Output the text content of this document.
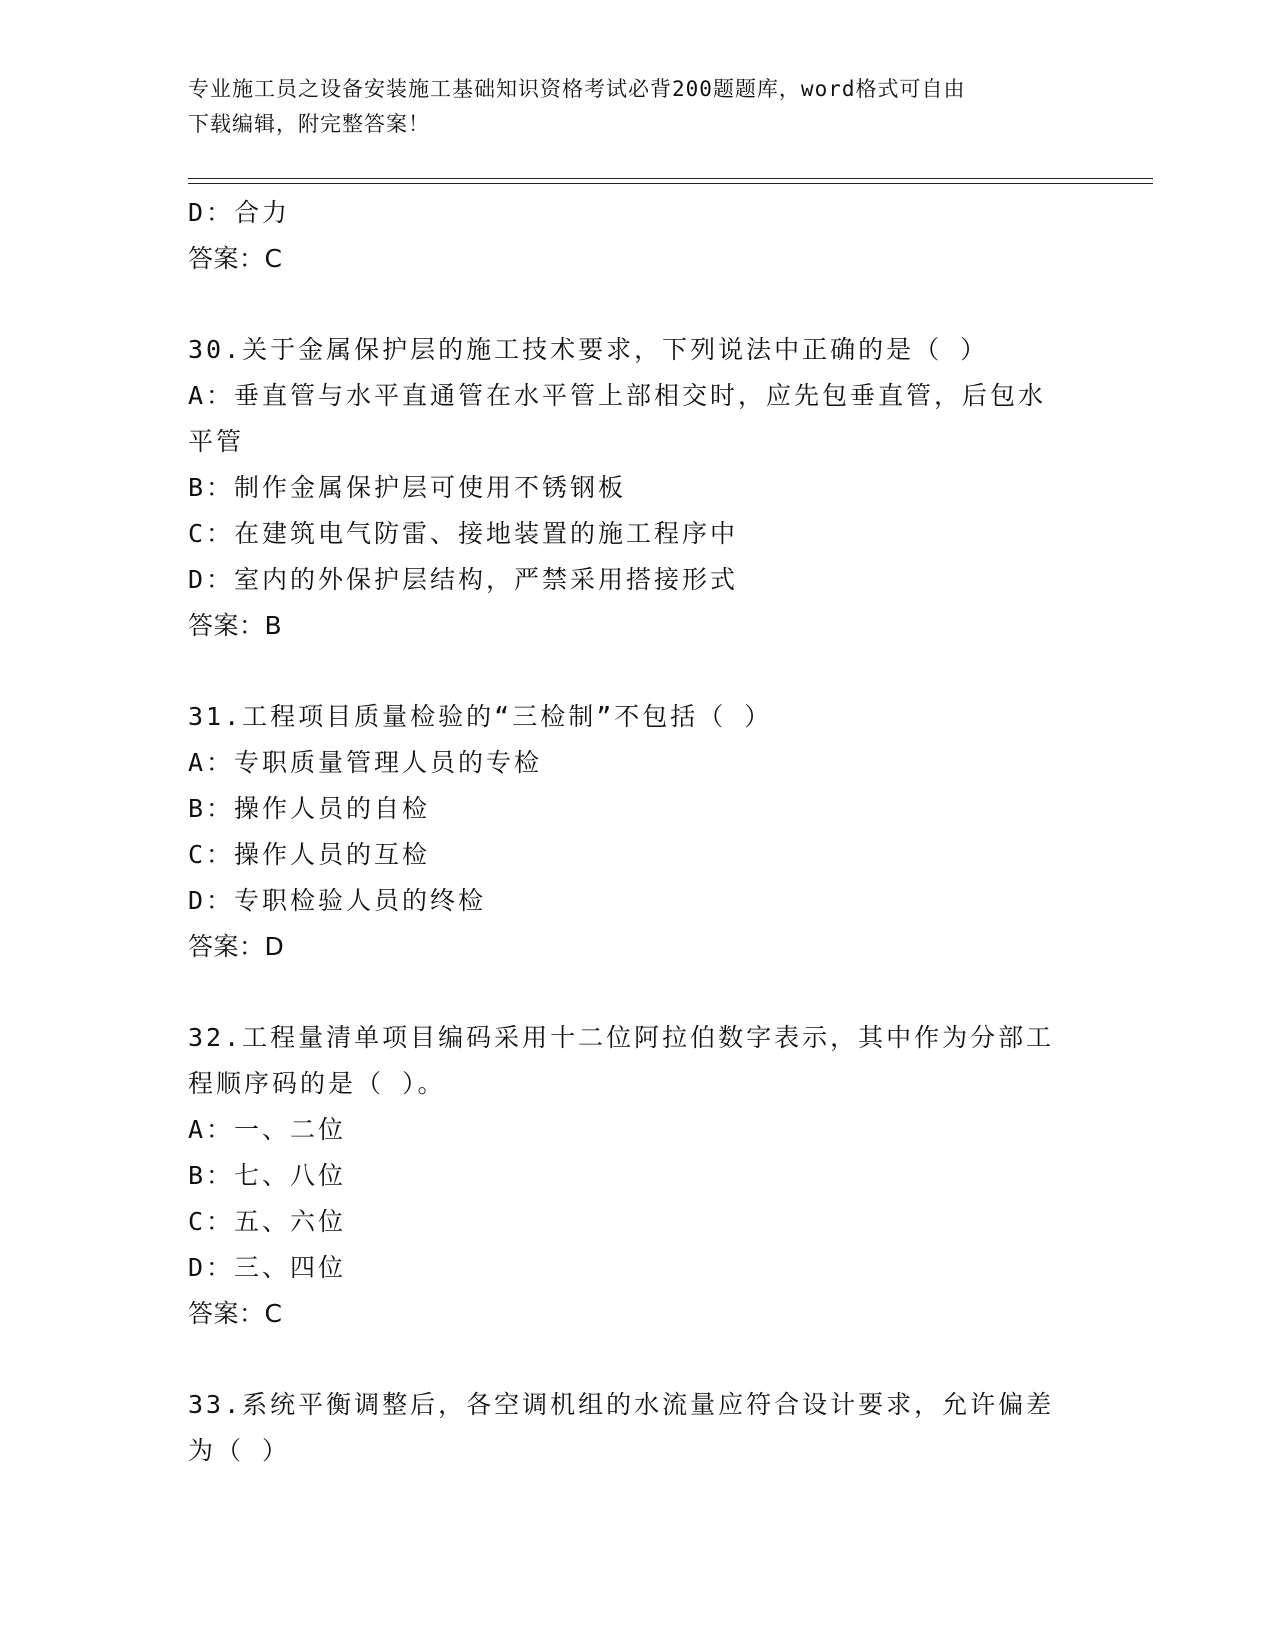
专业施工员之设备安装施工基础知识资格考试必背200题题库，word格式可自由
下载编辑，附完整答案！
D：合力
答案：C
30.关于金属保护层的施工技术要求，下列说法中正确的是（ ）
A：垂直管与水平直通管在水平管上部相交时，应先包垂直管，后包水
平管
B：制作金属保护层可使用不锈钢板
C：在建筑电气防雷、接地装置的施工程序中
D：室内的外保护层结构，严禁采用搭接形式
答案：B
31.工程项目质量检验的“三检制”不包括（ ）
A：专职质量管理人员的专检
B：操作人员的自检
C：操作人员的互检
D：专职检验人员的终检
答案：D
32.工程量清单项目编码采用十二位阿拉伯数字表示，其中作为分部工
程顺序码的是（ ）。
A：一、二位
B：七、八位
C：五、六位
D：三、四位
答案：C
33.系统平衡调整后，各空调机组的水流量应符合设计要求，允许偏差
为（ ）
